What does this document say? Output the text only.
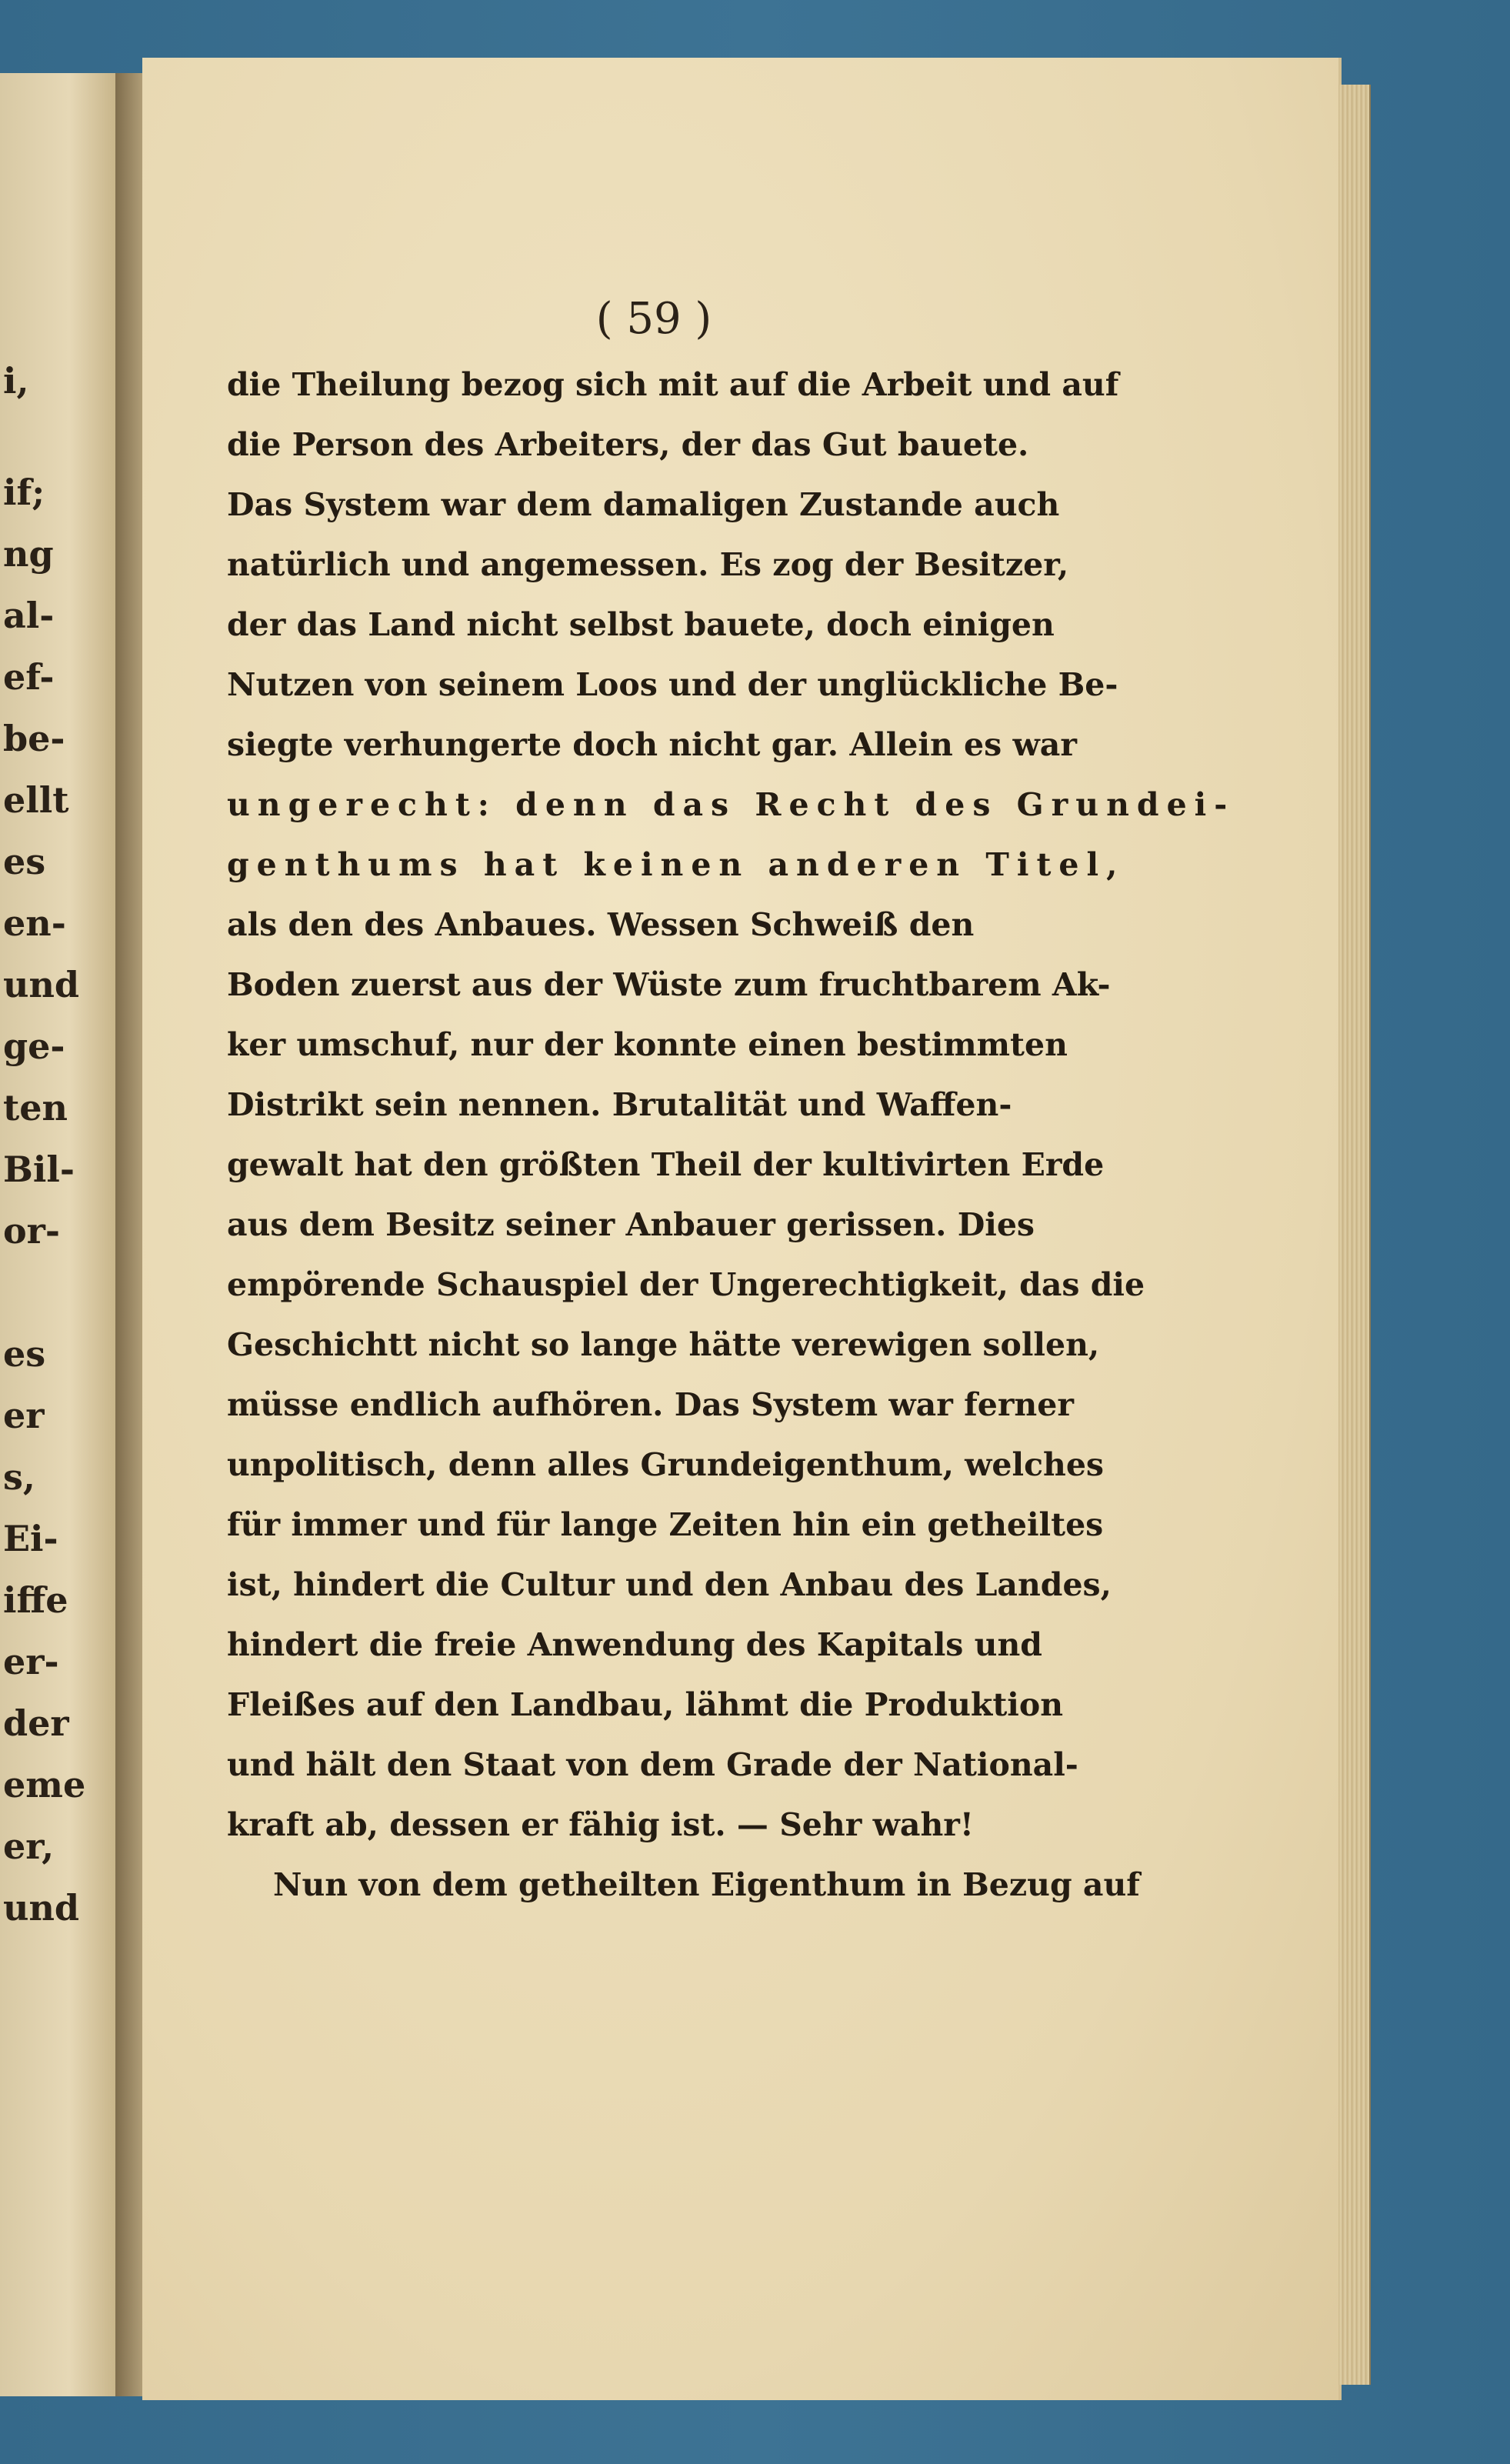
i,
if;
ng
al-
ef-
be-
ellt
es
en-
und
ge-
ten
Bil-
or-
es
er
s,
Ei-
iffe
er-
der
eme
er,
und
( 59 )
die Theilung bezog sich mit auf die Arbeit und auf
die Person des Arbeiters, der das Gut bauete.
Das System war dem damaligen Zustande auch
natürlich und angemessen. Es zog der Besitzer,
der das Land nicht selbst bauete, doch einigen
Nutzen von seinem Loos und der unglückliche Be-
siegte verhungerte doch nicht gar. Allein es war
ungerecht: denn das Recht des Grundei-
genthums hat keinen anderen Titel,
als den des Anbaues. Wessen Schweiß den
Boden zuerst aus der Wüste zum fruchtbarem Ak-
ker umschuf, nur der konnte einen bestimmten
Distrikt sein nennen. Brutalität und Waffen-
gewalt hat den größten Theil der kultivirten Erde
aus dem Besitz seiner Anbauer gerissen. Dies
empörende Schauspiel der Ungerechtigkeit, das die
Geschichtt nicht so lange hätte verewigen sollen,
müsse endlich aufhören. Das System war ferner
unpolitisch, denn alles Grundeigenthum, welches
für immer und für lange Zeiten hin ein getheiltes
ist, hindert die Cultur und den Anbau des Landes,
hindert die freie Anwendung des Kapitals und
Fleißes auf den Landbau, lähmt die Produktion
und hält den Staat von dem Grade der National-
kraft ab, dessen er fähig ist. — Sehr wahr!
Nun von dem getheilten Eigenthum in Bezug auf
